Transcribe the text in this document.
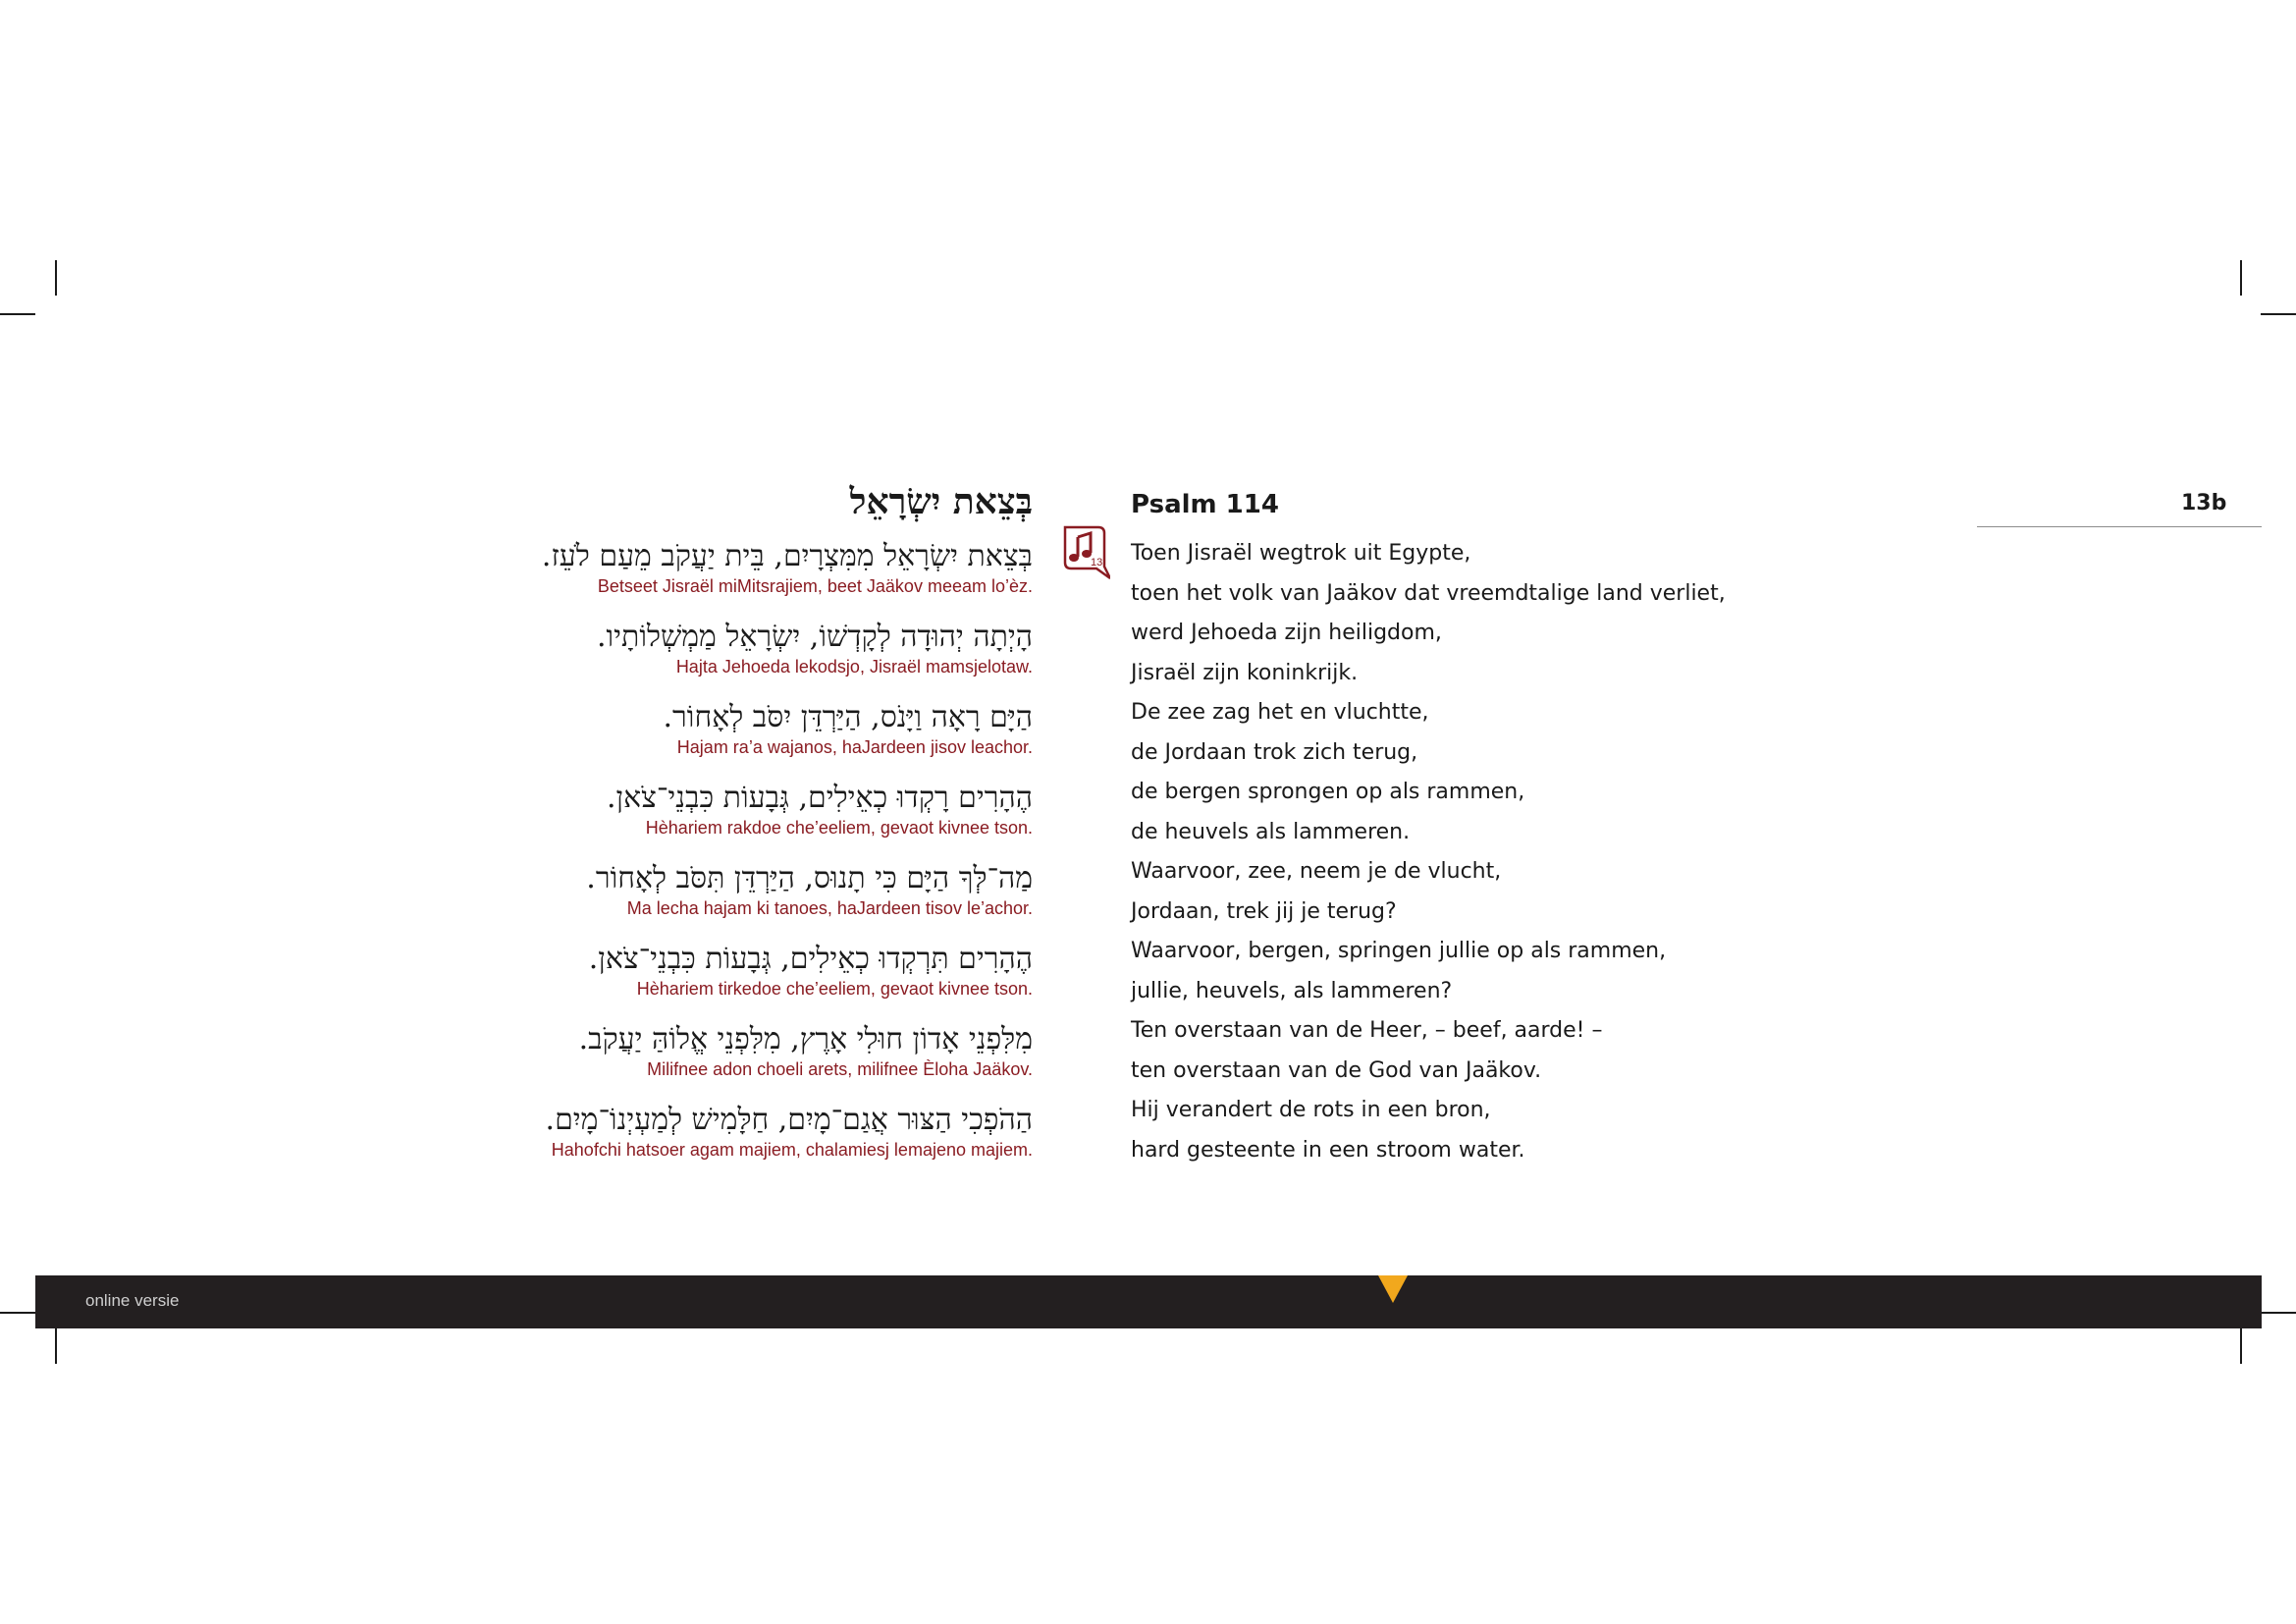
בְּצֵאת יִשְׂרָאֵל
בְּצֵאת יִשְׂרָאֵל מִמִּצְרָיִם, בֵּית יַעֲקֹב מֵעַם לֹעֵז.
Betseet Jisraël miMitsrajiem, beet Jaäkov meeam lo’èz.
הָיְתָה יְהוּדָה לְקָדְשׁוֹ, יִשְׂרָאֵל מַמְשְׁלוֹתָיו.
Hajta Jehoeda lekodsjo, Jisraël mamsjelotaw.
הַיָּם רָאָה וַיָּנֹס, הַיַּרְדֵּן יִסֹּב לְאָחוֹר.
Hajam ra’a wajanos, haJardeen jisov leachor.
הֶהָרִים רָקְדוּ כְאֵילִים, גְּבָעוֹת כִּבְנֵי־צֹאן.
Hèhariem rakdoe che’eeliem, gevaot kivnee tson.
מַה־לְּךָ הַיָּם כִּי תָנוּס, הַיַּרְדֵּן תִּסֹּב לְאָחוֹר.
Ma lecha hajam ki tanoes, haJardeen tisov le’achor.
הֶהָרִים תִּרְקְדוּ כְאֵילִים, גְּבָעוֹת כִּבְנֵי־צֹאן.
Hèhariem tirkedoe che’eeliem, gevaot kivnee tson.
מִלִּפְנֵי אָדוֹן חוּלִי אָרֶץ, מִלִּפְנֵי אֱלוֹהַּ יַעֲקֹב.
Milifnee adon choeli arets, milifnee Èloha Jaäkov.
הַהֹפְכִי הַצּוּר אֲגַם־מָיִם, חַלָּמִישׁ לְמַעְיְנוֹ־מָיִם.
Hahofchi hatsoer agam majiem, chalamiesj lemajeno majiem.
13
Psalm 114
Toen Jisraël wegtrok uit Egypte,
toen het volk van Jaäkov dat vreemdtalige land verliet,
werd Jehoeda zijn heiligdom,
Jisraël zijn koninkrijk.
De zee zag het en vluchtte,
de Jordaan trok zich terug,
de bergen sprongen op als rammen,
de heuvels als lammeren.
Waarvoor, zee, neem je de vlucht,
Jordaan, trek jij je terug?
Waarvoor, bergen, springen jullie op als rammen,
jullie, heuvels, als lammeren?
Ten overstaan van de Heer, – beef, aarde! –
ten overstaan van de God van Jaäkov.
Hij verandert de rots in een bron,
hard gesteente in een stroom water.
13b
online versie
